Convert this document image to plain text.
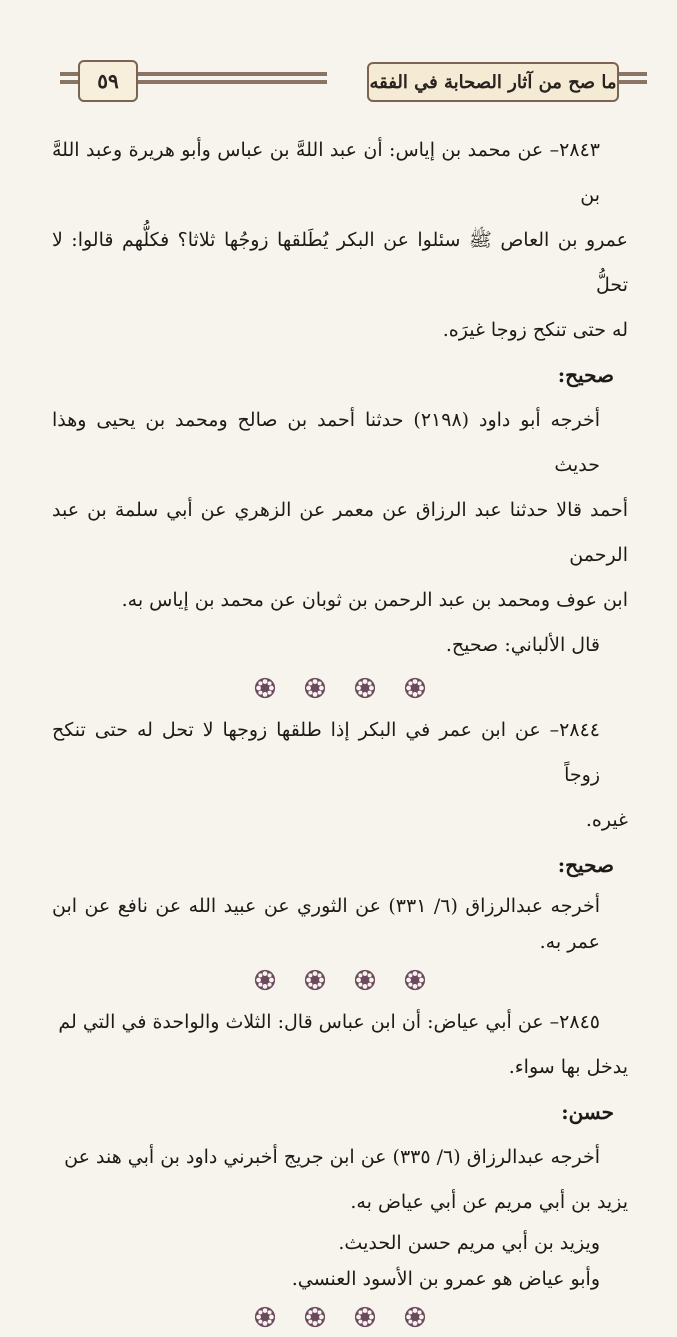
٥٩	ما صح من آثار الصحابة في الفقه

٢٨٤٣– عن محمد بن إياس: أن عبد اللهَّ بن عباس وأبو هريرة وعبد اللهَّ بن

عمرو بن العاص ﷺ سئلوا عن البكر يُطَلقها زوجُها ثلاثا؟ فكلُّهم قالوا: لا تحلُّ

له حتى تنكح زوجا غيرَه.

صحيح:

أخرجه أبو داود (٢١٩٨) حدثنا أحمد بن صالح ومحمد بن يحيى وهذا حديث

أحمد قالا حدثنا عبد الرزاق عن معمر عن الزهري عن أبي سلمة بن عبد الرحمن

ابن عوف ومحمد بن عبد الرحمن بن ثوبان عن محمد بن إياس به.

قال الألباني: صحيح.

٢٨٤٤– عن ابن عمر في البكر إذا طلقها زوجها لا تحل له حتى تنكح زوجاً

غيره.

صحيح:

أخرجه عبدالرزاق (٦/ ٣٣١) عن الثوري عن عبيد الله عن نافع عن ابن عمر به.

٢٨٤٥– عن أبي عياض: أن ابن عباس قال: الثلاث والواحدة في التي لم

يدخل بها سواء.

حسن:

أخرجه عبدالرزاق (٦/ ٣٣٥) عن ابن جريج أخبرني داود بن أبي هند عن

يزيد بن أبي مريم عن أبي عياض به.

ويزيد بن أبي مريم حسن الحديث.

وأبو عياض هو عمرو بن الأسود العنسي.
